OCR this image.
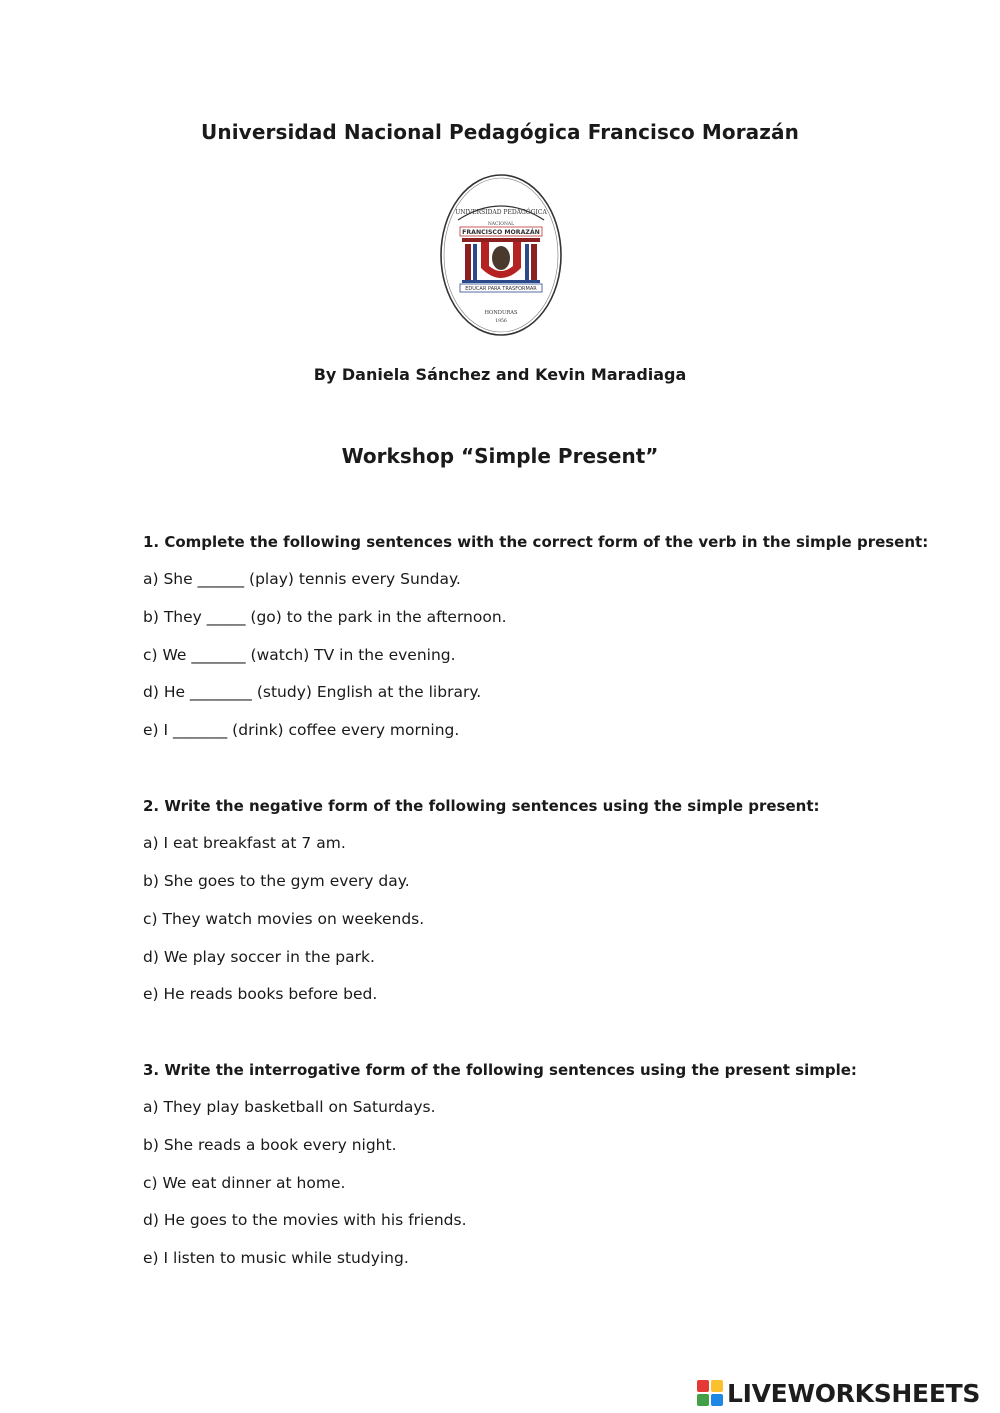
Universidad Nacional Pedagógica Francisco Morazán
UNIVERSIDAD PEDAGÓGICA
NACIONAL
FRANCISCO MORAZÁN
EDUCAR PARA TRASFORMAR
HONDURAS
1956
By Daniela Sánchez and Kevin Maradiaga
Workshop “Simple Present”
1. Complete the following sentences with the correct form of the verb in the simple present:
a) She ______ (play) tennis every Sunday.
b) They _____ (go) to the park in the afternoon.
c) We _______ (watch) TV in the evening.
d) He ________ (study) English at the library.
e) I _______ (drink) coffee every morning.
2. Write the negative form of the following sentences using the simple present:
a) I eat breakfast at 7 am.
b) She goes to the gym every day.
c) They watch movies on weekends.
d) We play soccer in the park.
e) He reads books before bed.
3. Write the interrogative form of the following sentences using the present simple:
a) They play basketball on Saturdays.
b) She reads a book every night.
c) We eat dinner at home.
d) He goes to the movies with his friends.
e) I listen to music while studying.
LIVEWORKSHEETS
